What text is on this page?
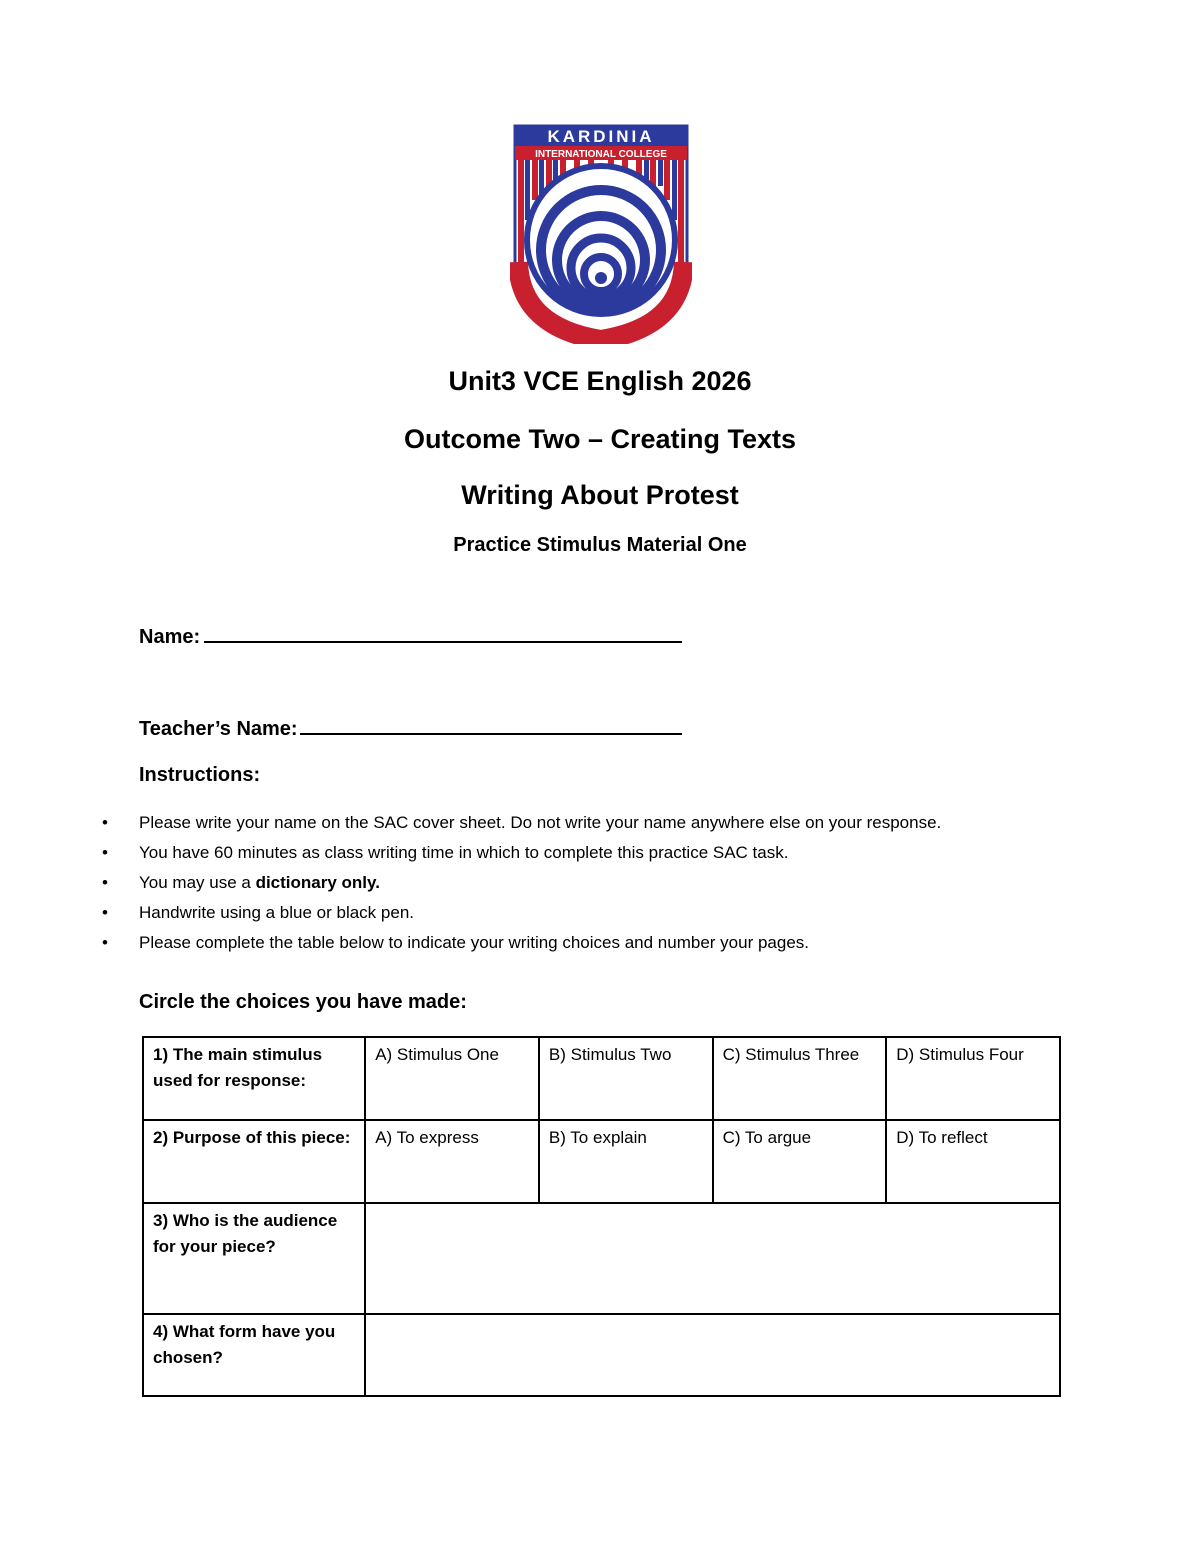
KARDINIA
INTERNATIONAL COLLEGE
Unit3 VCE English 2026
Outcome Two – Creating Texts
Writing About Protest
Practice Stimulus Material One
Name:
Teacher’s Name:
Instructions:
• Please write your name on the SAC cover sheet. Do not write your name anywhere else on your response.
• You have 60 minutes as class writing time in which to complete this practice SAC task.
• You may use a dictionary only.
• Handwrite using a blue or black pen.
• Please complete the table below to indicate your writing choices and number your pages.
Circle the choices you have made:
1) The main stimulus used for response:	A) Stimulus One	B) Stimulus Two	C) Stimulus Three	D) Stimulus Four
2) Purpose of this piece:	A) To express	B) To explain	C) To argue	D) To reflect
3) Who is the audience for your piece?				
4) What form have you chosen?				
